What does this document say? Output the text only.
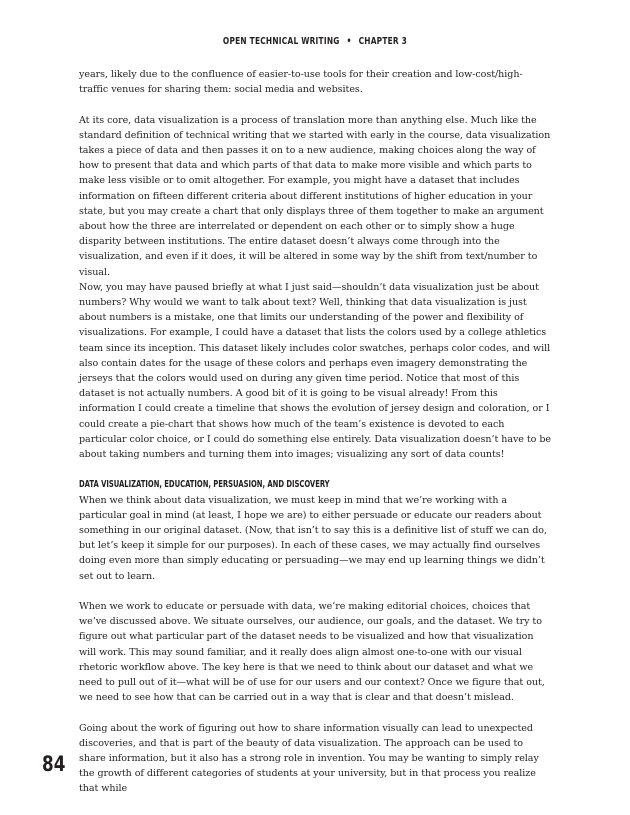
OPEN TECHNICAL WRITING • CHAPTER 3

years, likely due to the confluence of easier-to-use tools for their creation and low-cost/high-traffic venues for sharing them: social media and websites.

At its core, data visualization is a process of translation more than anything else. Much like the standard definition of technical writing that we started with early in the course, data visualization takes a piece of data and then passes it on to a new audience, making choices along the way of how to present that data and which parts of that data to make more visible and which parts to make less visible or to omit altogether. For example, you might have a dataset that includes information on fifteen different criteria about different institutions of higher education in your state, but you may create a chart that only displays three of them together to make an argument about how the three are interrelated or dependent on each other or to simply show a huge disparity between institutions. The entire dataset doesn’t always come through into the visualization, and even if it does, it will be altered in some way by the shift from text/number to visual.

Now, you may have paused briefly at what I just said—shouldn’t data visualization just be about numbers? Why would we want to talk about text? Well, thinking that data visualization is just about numbers is a mistake, one that limits our understanding of the power and flexibility of visualizations. For example, I could have a dataset that lists the colors used by a college athletics team since its inception. This dataset likely includes color swatches, perhaps color codes, and will also contain dates for the usage of these colors and perhaps even imagery demonstrating the jerseys that the colors would used on during any given time period. Notice that most of this dataset is not actually numbers. A good bit of it is going to be visual already! From this information I could create a timeline that shows the evolution of jersey design and coloration, or I could create a pie-chart that shows how much of the team’s existence is devoted to each particular color choice, or I could do something else entirely. Data visualization doesn’t have to be about taking numbers and turning them into images; visualizing any sort of data counts!

DATA VISUALIZATION, EDUCATION, PERSUASION, AND DISCOVERY

When we think about data visualization, we must keep in mind that we’re working with a particular goal in mind (at least, I hope we are) to either persuade or educate our readers about something in our original dataset. (Now, that isn’t to say this is a definitive list of stuff we can do, but let’s keep it simple for our purposes). In each of these cases, we may actually find ourselves doing even more than simply educating or persuading—we may end up learning things we didn’t set out to learn.

When we work to educate or persuade with data, we’re making editorial choices, choices that we’ve discussed above. We situate ourselves, our audience, our goals, and the dataset. We try to figure out what particular part of the dataset needs to be visualized and how that visualization will work. This may sound familiar, and it really does align almost one-to-one with our visual rhetoric workflow above. The key here is that we need to think about our dataset and what we need to pull out of it—what will be of use for our users and our context? Once we figure that out, we need to see how that can be carried out in a way that is clear and that doesn’t mislead.

Going about the work of figuring out how to share information visually can lead to unexpected discoveries, and that is part of the beauty of data visualization. The approach can be used to share information, but it also has a strong role in invention. You may be wanting to simply relay the growth of different categories of students at your university, but in that process you realize that while

84
